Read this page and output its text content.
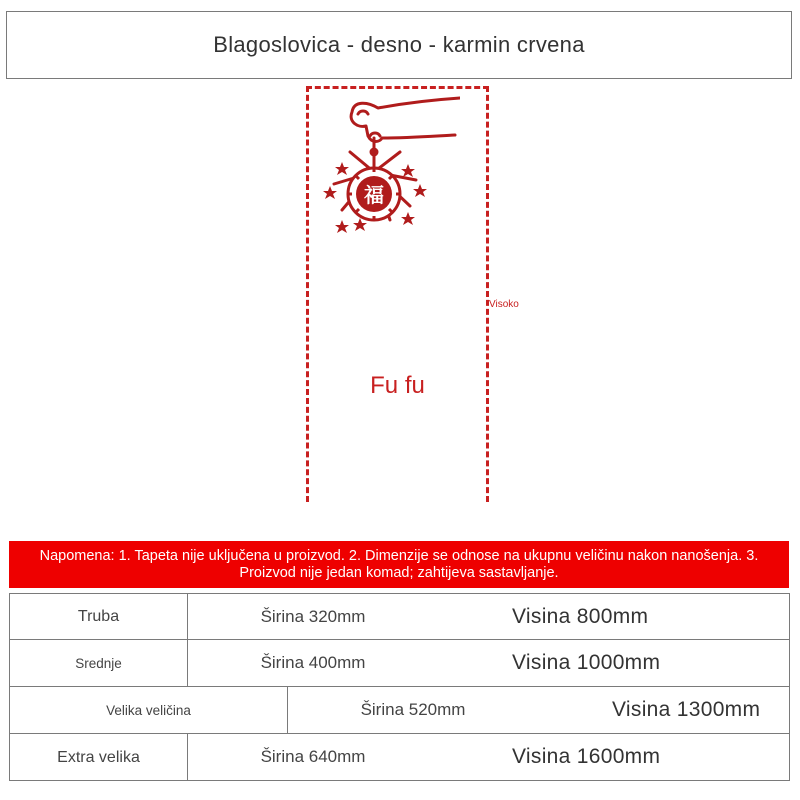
Blagoslovica - desno - karmin crvena
福
Visoko
Fu fu
Napomena: 1. Tapeta nije uključena u proizvod. 2. Dimenzije se odnose na ukupnu veličinu nakon nanošenja. 3. Proizvod nije jedan komad; zahtijeva sastavljanje.
Truba	Širina 320mm	Visina 800mm
Srednje	Širina 400mm	Visina 1000mm
Velika veličina	Širina 520mm	Visina 1300mm
Extra velika	Širina 640mm	Visina 1600mm
